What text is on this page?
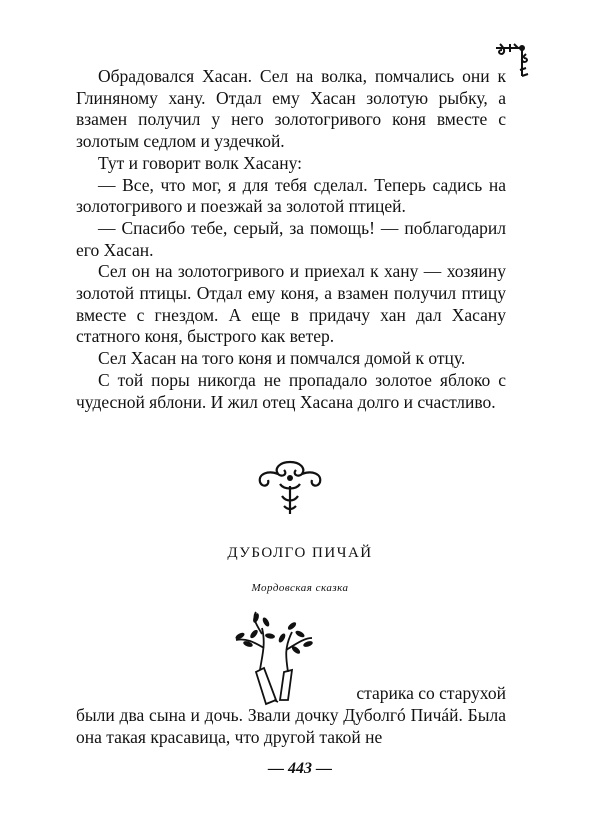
Обрадовался Хасан. Сел на волка, помчались они к Глиняному хану. Отдал ему Хасан золотую рыбку, а взамен получил у него золотогривого коня вместе с золотым седлом и уздечкой.

Тут и говорит волк Хасану:

— Все, что мог, я для тебя сделал. Теперь садись на золотогривого и поезжай за золотой птицей.

— Спасибо тебе, серый, за помощь! — поблагодарил его Хасан.

Сел он на золотогривого и приехал к хану — хозяину золотой птицы. Отдал ему коня, а взамен получил птицу вместе с гнездом. А еще в придачу хан дал Хасану статного коня, быстрого как ветер.

Сел Хасан на того коня и помчался домой к отцу.

С той поры никогда не пропадало золотое яблоко с чудесной яблони. И жил отец Хасана долго и счастливо.

ДУБОЛГО ПИЧАЙ
Мордовская сказка
старика со старухой

были два сына и дочь. Звали дочку Дуболгó Пичáй. Была она такая красавица, что другой такой не

— 443 —
